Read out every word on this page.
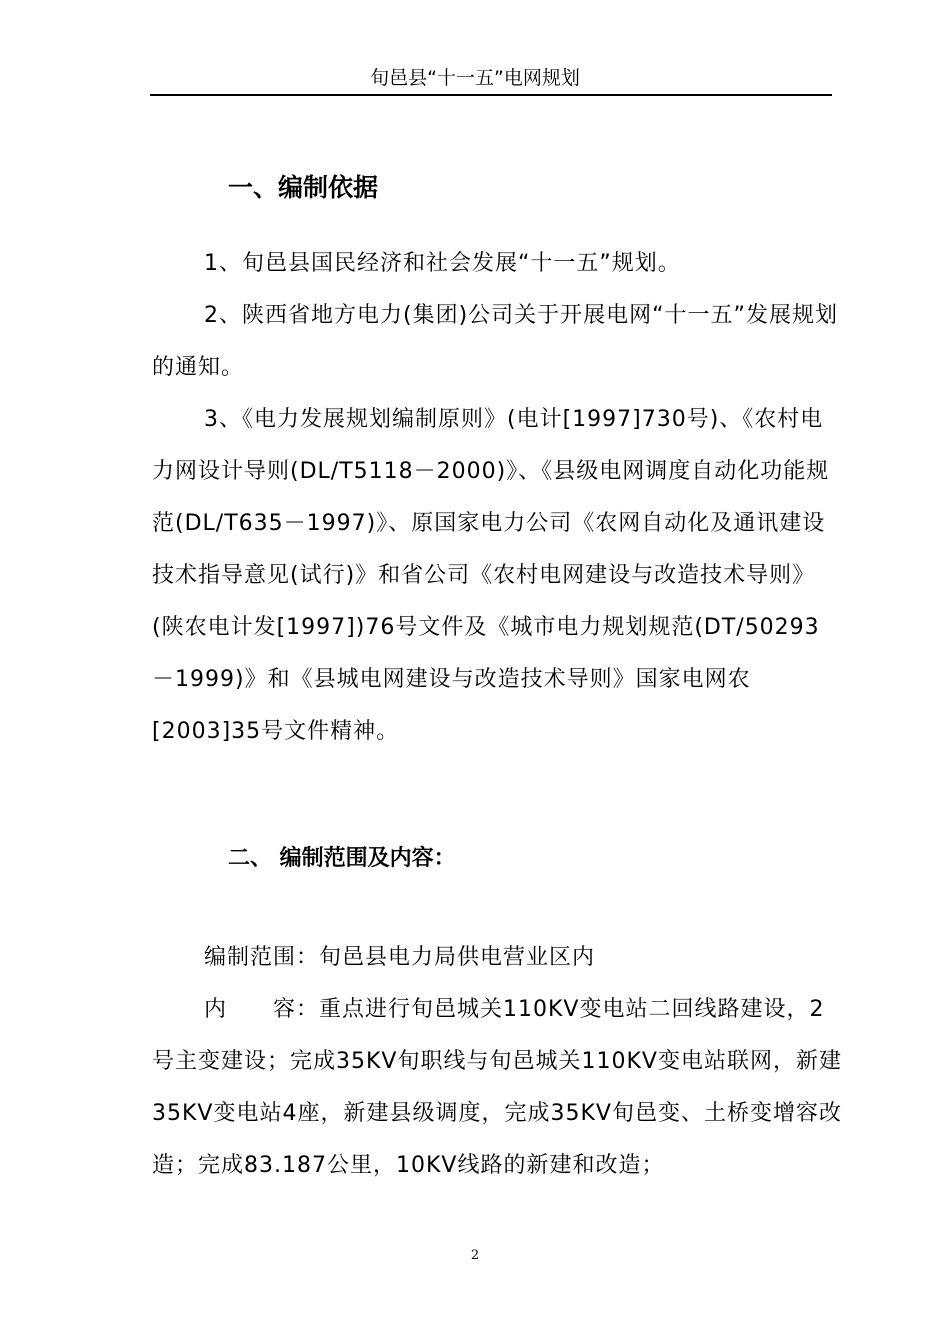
旬邑县“十一五”电网规划
一、编制依据

1、旬邑县国民经济和社会发展“十一五”规划。

2、陕西省地方电力(集团)公司关于开展电网“十一五”发展规划的通知。

3、《电力发展规划编制原则》(电计[1997]730号)、《农村电力网设计导则(DL/T5118－2000)》、《县级电网调度自动化功能规范(DL/T635－1997)》、原国家电力公司《农网自动化及通讯建设技术指导意见(试行)》和省公司《农村电网建设与改造技术导则》(陕农电计发[1997])76号文件及《城市电力规划规范(DT/50293－1999)》和《县城电网建设与改造技术导则》国家电网农[2003]35号文件精神。

二、 编制范围及内容：

编制范围：旬邑县电力局供电营业区内

内　　容：重点进行旬邑城关110KV变电站二回线路建设，2号主变建设；完成35KV旬职线与旬邑城关110KV变电站联网，新建35KV变电站4座，新建县级调度，完成35KV旬邑变、土桥变增容改造；完成83.187公里，10KV线路的新建和改造；

2
